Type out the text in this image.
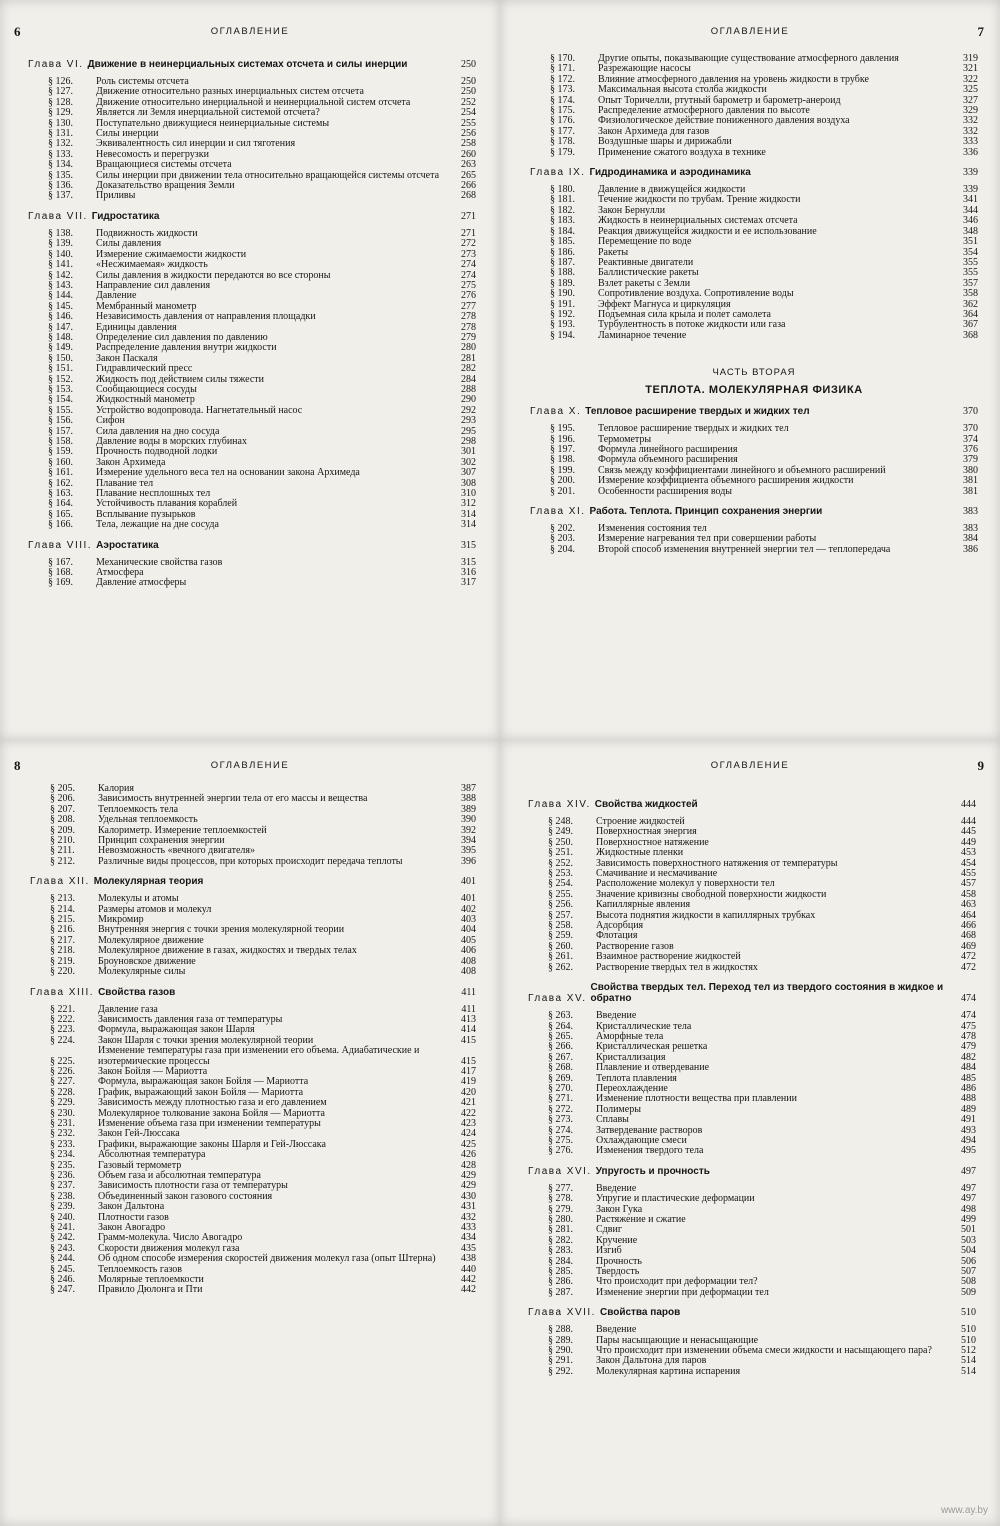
6	ОГЛАВЛЕНИЕ
Глава VI. Движение в неинерциальных системах отсчета и силы инерции	250
§ 126.	Роль системы отсчета	250
§ 127.	Движение относительно разных инерциальных систем отсчета	250
§ 128.	Движение относительно инерциальной и неинерциальной систем отсчета	252
§ 129.	Является ли Земля инерциальной системой отсчета?	254
§ 130.	Поступательно движущиеся неинерциальные системы	255
§ 131.	Силы инерции	256
§ 132.	Эквивалентность сил инерции и сил тяготения	258
§ 133.	Невесомость и перегрузки	260
§ 134.	Вращающиеся системы отсчета	263
§ 135.	Силы инерции при движении тела относительно вращающейся системы отсчета	265
§ 136.	Доказательство вращения Земли	266
§ 137.	Приливы	268
Глава VII. Гидростатика	271
§ 138.	Подвижность жидкости	271
§ 139.	Силы давления	272
§ 140.	Измерение сжимаемости жидкости	273
§ 141.	«Несжимаемая» жидкость	274
§ 142.	Силы давления в жидкости передаются во все стороны	274
§ 143.	Направление сил давления	275
§ 144.	Давление	276
§ 145.	Мембранный манометр	277
§ 146.	Независимость давления от направления площадки	278
§ 147.	Единицы давления	278
§ 148.	Определение сил давления по давлению	279
§ 149.	Распределение давления внутри жидкости	280
§ 150.	Закон Паскаля	281
§ 151.	Гидравлический пресс	282
§ 152.	Жидкость под действием силы тяжести	284
§ 153.	Сообщающиеся сосуды	288
§ 154.	Жидкостный манометр	290
§ 155.	Устройство водопровода. Нагнетательный насос	292
§ 156.	Сифон	293
§ 157.	Сила давления на дно сосуда	295
§ 158.	Давление воды в морских глубинах	298
§ 159.	Прочность подводной лодки	301
§ 160.	Закон Архимеда	302
§ 161.	Измерение удельного веса тел на основании закона Архимеда	307
§ 162.	Плавание тел	308
§ 163.	Плавание несплошных тел	310
§ 164.	Устойчивость плавания кораблей	312
§ 165.	Всплывание пузырьков	314
§ 166.	Тела, лежащие на дне сосуда	314
Глава VIII. Аэростатика	315
§ 167.	Механические свойства газов	315
§ 168.	Атмосфера	316
§ 169.	Давление атмосферы	317
ОГЛАВЛЕНИЕ	7
§ 170.	Другие опыты, показывающие существование атмосферного давления	319
§ 171.	Разрежающие насосы	321
§ 172.	Влияние атмосферного давления на уровень жидкости в трубке	322
§ 173.	Максимальная высота столба жидкости	325
§ 174.	Опыт Торичелли, ртутный барометр и барометр-анероид	327
§ 175.	Распределение атмосферного давления по высоте	329
§ 176.	Физиологическое действие пониженного давления воздуха	332
§ 177.	Закон Архимеда для газов	332
§ 178.	Воздушные шары и дирижабли	333
§ 179.	Применение сжатого воздуха в технике	336
Глава IX. Гидродинамика и аэродинамика	339
§ 180.	Давление в движущейся жидкости	339
§ 181.	Течение жидкости по трубам. Трение жидкости	341
§ 182.	Закон Бернулли	344
§ 183.	Жидкость в неинерциальных системах отсчета	346
§ 184.	Реакция движущейся жидкости и ее использование	348
§ 185.	Перемещение по воде	351
§ 186.	Ракеты	354
§ 187.	Реактивные двигатели	355
§ 188.	Баллистические ракеты	355
§ 189.	Взлет ракеты с Земли	357
§ 190.	Сопротивление воздуха. Сопротивление воды	358
§ 191.	Эффект Магнуса и циркуляция	362
§ 192.	Подъемная сила крыла и полет самолета	364
§ 193.	Турбулентность в потоке жидкости или газа	367
§ 194.	Ламинарное течение	368
ЧАСТЬ ВТОРАЯ
ТЕПЛОТА. МОЛЕКУЛЯРНАЯ ФИЗИКА
Глава X. Тепловое расширение твердых и жидких тел	370
§ 195.	Тепловое расширение твердых и жидких тел	370
§ 196.	Термометры	374
§ 197.	Формула линейного расширения	376
§ 198.	Формула объемного расширения	379
§ 199.	Связь между коэффициентами линейного и объемного расширений	380
§ 200.	Измерение коэффициента объемного расширения жидкости	381
§ 201.	Особенности расширения воды	381
Глава XI. Работа. Теплота. Принцип сохранения энергии	383
§ 202.	Изменения состояния тел	383
§ 203.	Измерение нагревания тел при совершении работы	384
§ 204.	Второй способ изменения внутренней энергии тел — теплопередача	386
8	ОГЛАВЛЕНИЕ
§ 205.	Калория	387
§ 206.	Зависимость внутренней энергии тела от его массы и вещества	388
§ 207.	Теплоемкость тела	389
§ 208.	Удельная теплоемкость	390
§ 209.	Калориметр. Измерение теплоемкостей	392
§ 210.	Принцип сохранения энергии	394
§ 211.	Невозможность «вечного двигателя»	395
§ 212.	Различные виды процессов, при которых происходит передача теплоты	396
Глава XII. Молекулярная теория	401
§ 213.	Молекулы и атомы	401
§ 214.	Размеры атомов и молекул	402
§ 215.	Микромир	403
§ 216.	Внутренняя энергия с точки зрения молекулярной теории	404
§ 217.	Молекулярное движение	405
§ 218.	Молекулярное движение в газах, жидкостях и твердых телах	406
§ 219.	Броуновское движение	408
§ 220.	Молекулярные силы	408
Глава XIII. Свойства газов	411
§ 221.	Давление газа	411
§ 222.	Зависимость давления газа от температуры	413
§ 223.	Формула, выражающая закон Шарля	414
§ 224.	Закон Шарля с точки зрения молекулярной теории	415
§ 225.
Изменение температуры газа при изменении его объема. Адиабатические и изотермические процессы	415
§ 226.	Закон Бойля — Мариотта	417
§ 227.	Формула, выражающая закон Бойля — Мариотта	419
§ 228.	График, выражающий закон Бойля — Мариотта	420
§ 229.	Зависимость между плотностью газа и его давлением	421
§ 230.	Молекулярное толкование закона Бойля — Мариотта	422
§ 231.	Изменение объема газа при изменении температуры	423
§ 232.	Закон Гей-Люссака	424
§ 233.	Графики, выражающие законы Шарля и Гей-Люссака	425
§ 234.	Абсолютная температура	426
§ 235.	Газовый термометр	428
§ 236.	Объем газа и абсолютная температура	429
§ 237.	Зависимость плотности газа от температуры	429
§ 238.	Объединенный закон газового состояния	430
§ 239.	Закон Дальтона	431
§ 240.	Плотности газов	432
§ 241.	Закон Авогадро	433
§ 242.	Грамм-молекула. Число Авогадро	434
§ 243.	Скорости движения молекул газа	435
§ 244.	Об одном способе измерения скоростей движения молекул газа (опыт Штерна)	438
§ 245.	Теплоемкость газов	440
§ 246.	Молярные теплоемкости	442
§ 247.	Правило Дюлонга и Пти	442
ОГЛАВЛЕНИЕ	9
Глава XIV. Свойства жидкостей	444
§ 248.	Строение жидкостей	444
§ 249.	Поверхностная энергия	445
§ 250.	Поверхностное натяжение	449
§ 251.	Жидкостные пленки	453
§ 252.	Зависимость поверхностного натяжения от температуры	454
§ 253.	Смачивание и несмачивание	455
§ 254.	Расположение молекул у поверхности тел	457
§ 255.	Значение кривизны свободной поверхности жидкости	458
§ 256.	Капиллярные явления	463
§ 257.	Высота поднятия жидкости в капиллярных трубках	464
§ 258.	Адсорбция	466
§ 259.	Флотация	468
§ 260.	Растворение газов	469
§ 261.	Взаимное растворение жидкостей	472
§ 262.	Растворение твердых тел в жидкостях	472
Глава XV.
Свойства твердых тел. Переход тел из твердого состояния в жидкое и обратно	474
§ 263.	Введение	474
§ 264.	Кристаллические тела	475
§ 265.	Аморфные тела	478
§ 266.	Кристаллическая решетка	479
§ 267.	Кристаллизация	482
§ 268.	Плавление и отвердевание	484
§ 269.	Теплота плавления	485
§ 270.	Переохлаждение	486
§ 271.	Изменение плотности вещества при плавлении	488
§ 272.	Полимеры	489
§ 273.	Сплавы	491
§ 274.	Затвердевание растворов	493
§ 275.	Охлаждающие смеси	494
§ 276.	Изменения твердого тела	495
Глава XVI. Упругость и прочность	497
§ 277.	Введение	497
§ 278.	Упругие и пластические деформации	497
§ 279.	Закон Гука	498
§ 280.	Растяжение и сжатие	499
§ 281.	Сдвиг	501
§ 282.	Кручение	503
§ 283.	Изгиб	504
§ 284.	Прочность	506
§ 285.	Твердость	507
§ 286.	Что происходит при деформации тел?	508
§ 287.	Изменение энергии при деформации тел	509
Глава XVII. Свойства паров	510
§ 288.	Введение	510
§ 289.	Пары насыщающие и ненасыщающие	510
§ 290.	Что происходит при изменении объема смеси жидкости и насыщающего пара?	512
§ 291.	Закон Дальтона для паров	514
§ 292.	Молекулярная картина испарения	514
www.ay.by
